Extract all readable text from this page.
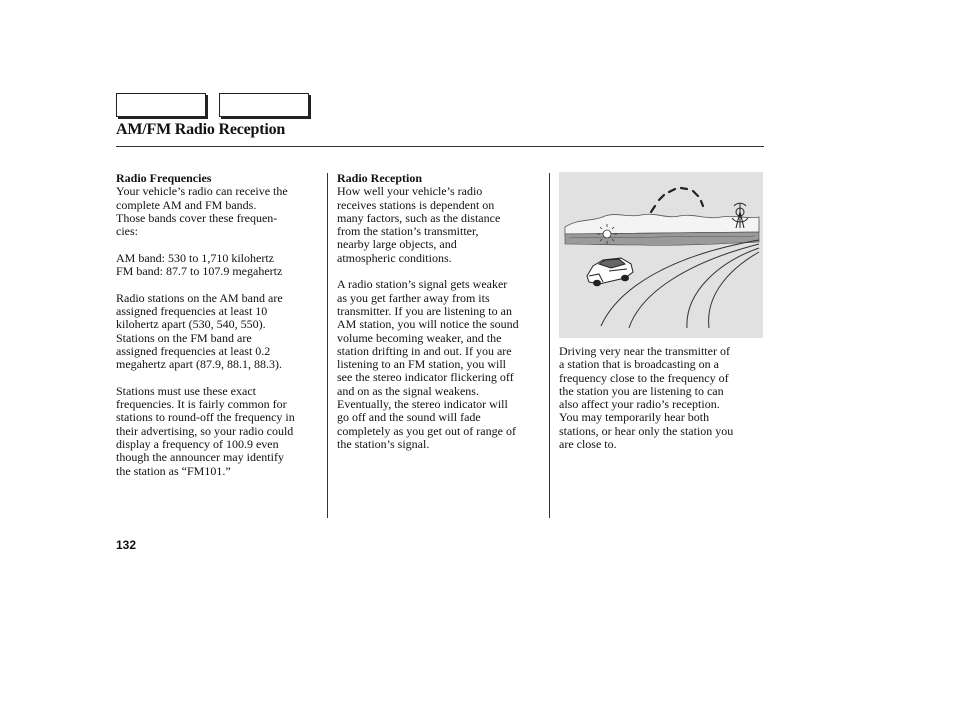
AM/FM Radio Reception
Radio Frequencies
Your vehicle’s radio can receive the
complete AM and FM bands.
Those bands cover these frequen-
cies:
AM band: 530 to 1,710 kilohertz
FM band: 87.7 to 107.9 megahertz
Radio stations on the AM band are
assigned frequencies at least 10
kilohertz apart (530, 540, 550).
Stations on the FM band are
assigned frequencies at least 0.2
megahertz apart (87.9, 88.1, 88.3).
Stations must use these exact
frequencies. It is fairly common for
stations to round-off the frequency in
their advertising, so your radio could
display a frequency of 100.9 even
though the announcer may identify
the station as “FM101.”
Radio Reception
How well your vehicle’s radio
receives stations is dependent on
many factors, such as the distance
from the station’s transmitter,
nearby large objects, and
atmospheric conditions.
A radio station’s signal gets weaker
as you get farther away from its
transmitter. If you are listening to an
AM station, you will notice the sound
volume becoming weaker, and the
station drifting in and out. If you are
listening to an FM station, you will
see the stereo indicator flickering off
and on as the signal weakens.
Eventually, the stereo indicator will
go off and the sound will fade
completely as you get out of range of
the station’s signal.
Driving very near the transmitter of
a station that is broadcasting on a
frequency close to the frequency of
the station you are listening to can
also affect your radio’s reception.
You may temporarily hear both
stations, or hear only the station you
are close to.
132
